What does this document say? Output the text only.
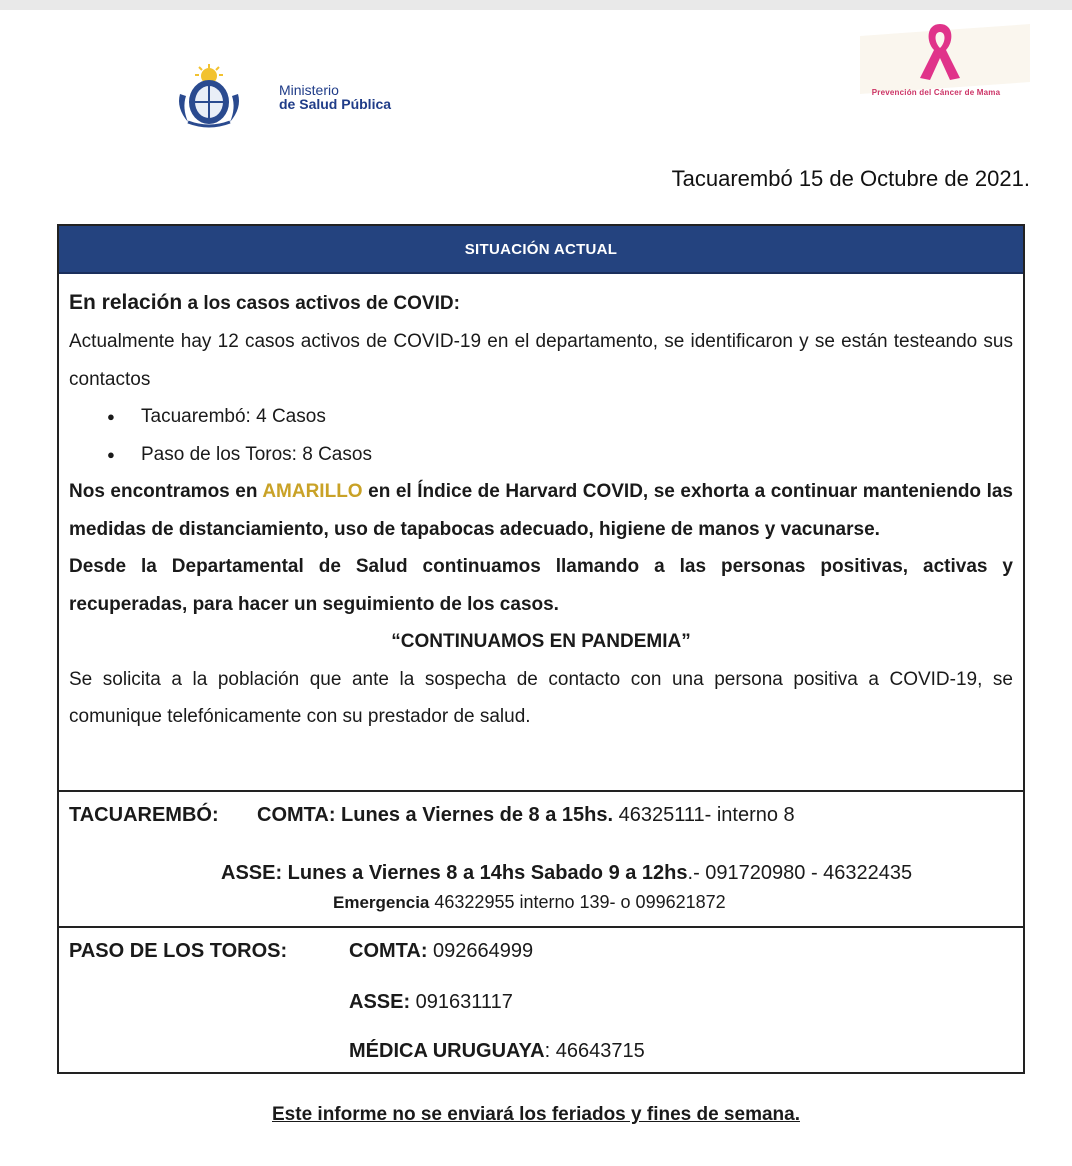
Ministerio
de Salud Pública
Prevención del Cáncer de Mama
Tacuarembó 15 de Octubre de 2021.
SITUACIÓN ACTUAL
En relación a los casos activos de COVID:

Actualmente hay 12 casos activos de COVID-19 en el departamento, se identificaron y se están testeando sus contactos

● Tacuarembó: 4 Casos
● Paso de los Toros: 8 Casos

Nos encontramos en AMARILLO en el Índice de Harvard COVID, se exhorta a continuar manteniendo las medidas de distanciamiento, uso de tapabocas adecuado, higiene de manos y vacunarse.

Desde la Departamental de Salud continuamos llamando a las personas positivas, activas y recuperadas, para hacer un seguimiento de los casos.

“CONTINUAMOS EN PANDEMIA”

Se solicita a la población que ante la sospecha de contacto con una persona positiva a COVID-19, se comunique telefónicamente con su prestador de salud.

TACUAREMBÓ: COMTA: Lunes a Viernes de 8 a 15hs. 46325111- interno 8
ASSE: Lunes a Viernes 8 a 14hs Sabado 9 a 12hs.- 091720980 - 46322435
Emergencia 46322955 interno 139- o 099621872
PASO DE LOS TOROS:	COMTA: 092664999
ASSE: 091631117
MÉDICA URUGUAYA: 46643715
Este informe no se enviará los feriados y fines de semana.
